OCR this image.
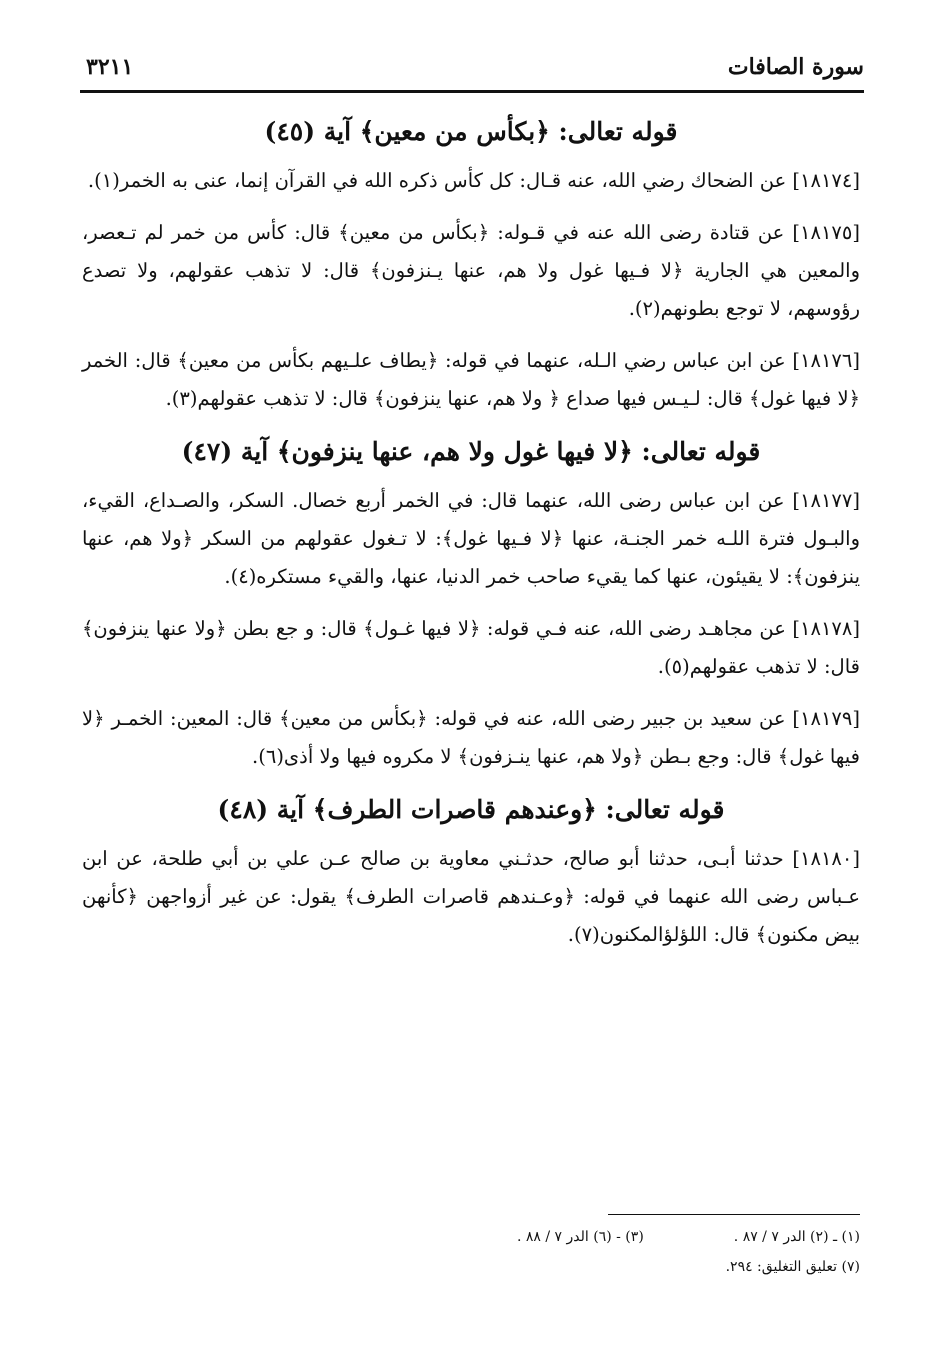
سورة الصافات
٣٢١١
قوله تعالى: ﴿بكأس من معين﴾ آية (٤٥)

[١٨١٧٤] عن الضحاك رضي الله، عنه قـال: كل كأس ذكره الله في القرآن إنما، عنى به الخمر(١).

[١٨١٧٥] عن قتادة رضى الله عنه في قـوله: ﴿بكأس من معين﴾ قال: كأس من خمر لم تـعصر، والمعين هي الجارية ﴿لا فـيها غول ولا هم، عنها يـنزفون﴾ قال: لا تذهب عقولهم، ولا تصدع رؤوسهم، لا توجع بطونهم(٢).

[١٨١٧٦] عن ابن عباس رضي الـله، عنهما في قوله: ﴿يطاف علـيهم بكأس من معين﴾ قال: الخمر ﴿لا فيها غول﴾ قال: لـيـس فيها صداع ﴿ ولا هم، عنها ينزفون﴾ قال: لا تذهب عقولهم(٣).

قوله تعالى: ﴿لا فيها غول ولا هم، عنها ينزفون﴾ آية (٤٧)

[١٨١٧٧] عن ابن عباس رضى الله، عنهما قال: في الخمر أربع خصال. السكر، والصـداع، القيء، والبـول فترة اللـه خمر الجنـة، عنها ﴿لا فـيها غول﴾: لا تـغول عقولهم من السكر ﴿ولا هم، عنها ينزفون﴾: لا يقيئون، عنها كما يقيء صاحب خمر الدنيا، عنها، والقيء مستكره(٤).

[١٨١٧٨] عن مجاهـد رضى الله، عنه فـي قوله: ﴿لا فيها غـول﴾ قال: و جع بطن ﴿ولا عنها ينزفون﴾ قال: لا تذهب عقولهم(٥).

[١٨١٧٩] عن سعيد بن جبير رضى الله، عنه في قوله: ﴿بكأس من معين﴾ قال: المعين: الخمـر ﴿لا فيها غول﴾ قال: وجع بـطن ﴿ولا هم، عنها ينـزفون﴾ لا مكروه فيها ولا أذى(٦).

قوله تعالى: ﴿وعندهم قاصرات الطرف﴾ آية (٤٨)

[١٨١٨٠] حدثنا أبـى، حدثنا أبو صالح، حدثـني معاوية بن صالح عـن علي بن أبي طلحة، عن ابن عـباس رضى الله عنهما في قوله: ﴿وعـندهم قاصرات الطرف﴾ يقول: عن غير أزواجهن ﴿كأنهن بيض مكنون﴾ قال: اللؤلؤالمكنون(٧).

(١) ـ (٢) الدر ٧ / ٨٧ .
(٣) - (٦) الدر ٧ / ٨٨ .
(٧) تعليق التغليق: ٢٩٤.
